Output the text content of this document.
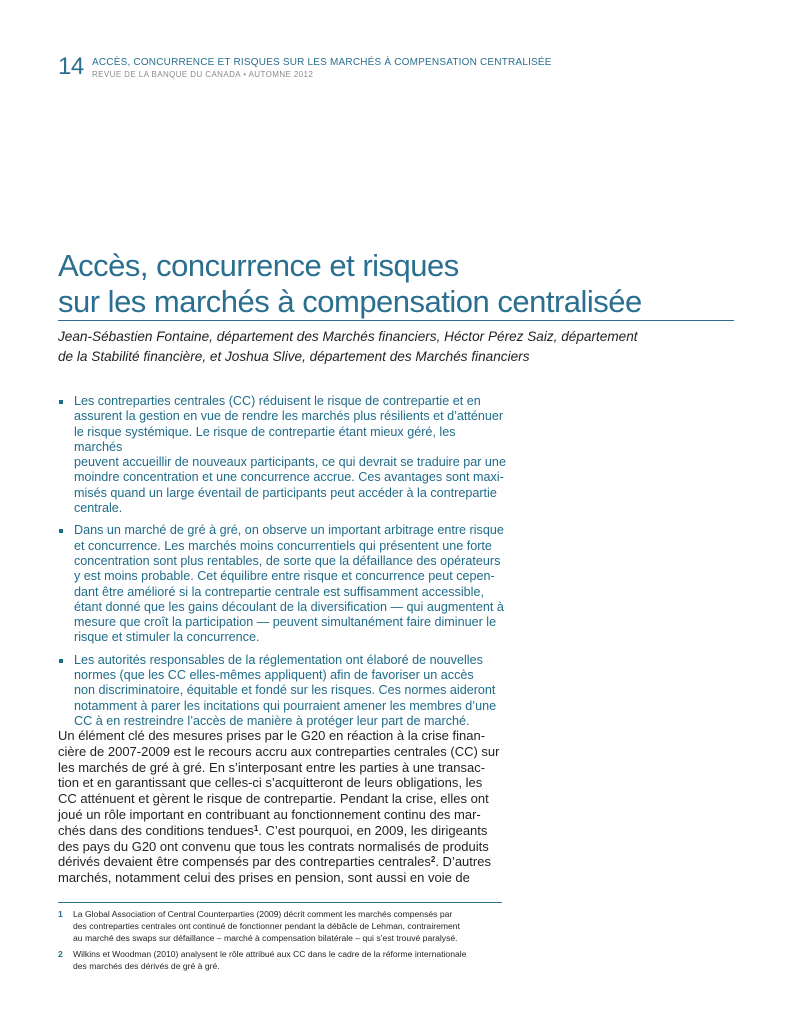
14 ACCÈS, CONCURRENCE ET RISQUES SUR LES MARCHÉS À COMPENSATION CENTRALISÉE
REVUE DE LA BANQUE DU CANADA • AUTOMNE 2012
Accès, concurrence et risques
sur les marchés à compensation centralisée
Jean-Sébastien Fontaine, département des Marchés financiers, Héctor Pérez Saiz, département
de la Stabilité financière, et Joshua Slive, département des Marchés financiers
Les contreparties centrales (CC) réduisent le risque de contrepartie et en
assurent la gestion en vue de rendre les marchés plus résilients et d’atténuer
le risque systémique. Le risque de contrepartie étant mieux géré, les marchés
peuvent accueillir de nouveaux participants, ce qui devrait se traduire par une
moindre concentration et une concurrence accrue. Ces avantages sont maxi-
misés quand un large éventail de participants peut accéder à la contrepartie
centrale.
Dans un marché de gré à gré, on observe un important arbitrage entre risque
et concurrence. Les marchés moins concurrentiels qui présentent une forte
concentration sont plus rentables, de sorte que la défaillance des opérateurs
y est moins probable. Cet équilibre entre risque et concurrence peut cepen-
dant être amélioré si la contrepartie centrale est suffisamment accessible,
étant donné que les gains découlant de la diversification — qui augmentent à
mesure que croît la participation — peuvent simultanément faire diminuer le
risque et stimuler la concurrence.
Les autorités responsables de la réglementation ont élaboré de nouvelles
normes (que les CC elles-mêmes appliquent) afin de favoriser un accès
non discriminatoire, équitable et fondé sur les risques. Ces normes aideront
notamment à parer les incitations qui pourraient amener les membres d’une
CC à en restreindre l’accès de manière à protéger leur part de marché.
Un élément clé des mesures prises par le G20 en réaction à la crise finan-
cière de 2007-2009 est le recours accru aux contreparties centrales (CC) sur
les marchés de gré à gré. En s’interposant entre les parties à une transac-
tion et en garantissant que celles-ci s’acquitteront de leurs obligations, les
CC atténuent et gèrent le risque de contrepartie. Pendant la crise, elles ont
joué un rôle important en contribuant au fonctionnement continu des mar-
chés dans des conditions tendues$^1$. C’est pourquoi, en 2009, les dirigeants
des pays du G20 ont convenu que tous les contrats normalisés de produits
dérivés devaient être compensés par des contreparties centrales$^2$. D’autres
marchés, notamment celui des prises en pension, sont aussi en voie de
1	La Global Association of Central Counterparties (2009) décrit comment les marchés compensés par
des contreparties centrales ont continué de fonctionner pendant la débâcle de Lehman, contrairement
au marché des swaps sur défaillance – marché à compensation bilatérale – qui s’est trouvé paralysé.
2	Wilkins et Woodman (2010) analysent le rôle attribué aux CC dans le cadre de la réforme internationale
des marchés des dérivés de gré à gré.
